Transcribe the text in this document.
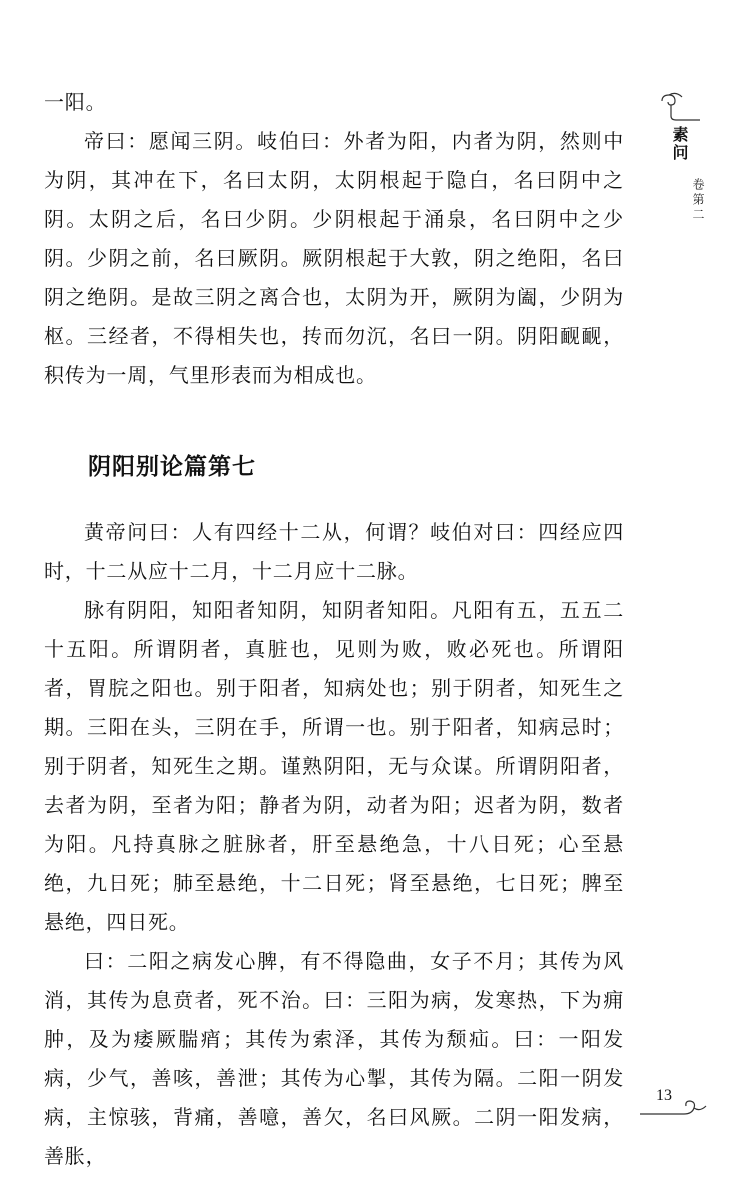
素问
卷第二

一阳。

帝曰：愿闻三阴。岐伯曰：外者为阳，内者为阴，然则中为阴，其冲在下，名曰太阴，太阴根起于隐白，名曰阴中之阴。太阴之后，名曰少阴。少阴根起于涌泉，名曰阴中之少阴。少阴之前，名曰厥阴。厥阴根起于大敦，阴之绝阳，名曰阴之绝阴。是故三阴之离合也，太阴为开，厥阴为阖，少阴为枢。三经者，不得相失也，抟而勿沉，名曰一阴。阴阳䩄䩄，积传为一周，气里形表而为相成也。

阴阳别论篇第七

黄帝问曰：人有四经十二从，何谓？岐伯对曰：四经应四时，十二从应十二月，十二月应十二脉。

脉有阴阳，知阳者知阴，知阴者知阳。凡阳有五，五五二十五阳。所谓阴者，真脏也，见则为败，败必死也。所谓阳者，胃脘之阳也。别于阳者，知病处也；别于阴者，知死生之期。三阳在头，三阴在手，所谓一也。别于阳者，知病忌时；别于阴者，知死生之期。谨熟阴阳，无与众谋。所谓阴阳者，去者为阴，至者为阳；静者为阴，动者为阳；迟者为阴，数者为阳。凡持真脉之脏脉者，肝至悬绝急，十八日死；心至悬绝，九日死；肺至悬绝，十二日死；肾至悬绝，七日死；脾至悬绝，四日死。

曰：二阳之病发心脾，有不得隐曲，女子不月；其传为风消，其传为息贲者，死不治。曰：三阳为病，发寒热，下为痈肿，及为痿厥腨痟；其传为索泽，其传为颓疝。曰：一阳发病，少气，善咳，善泄；其传为心掣，其传为隔。二阳一阴发病，主惊骇，背痛，善噫，善欠，名曰风厥。二阴一阳发病，善胀，

13
